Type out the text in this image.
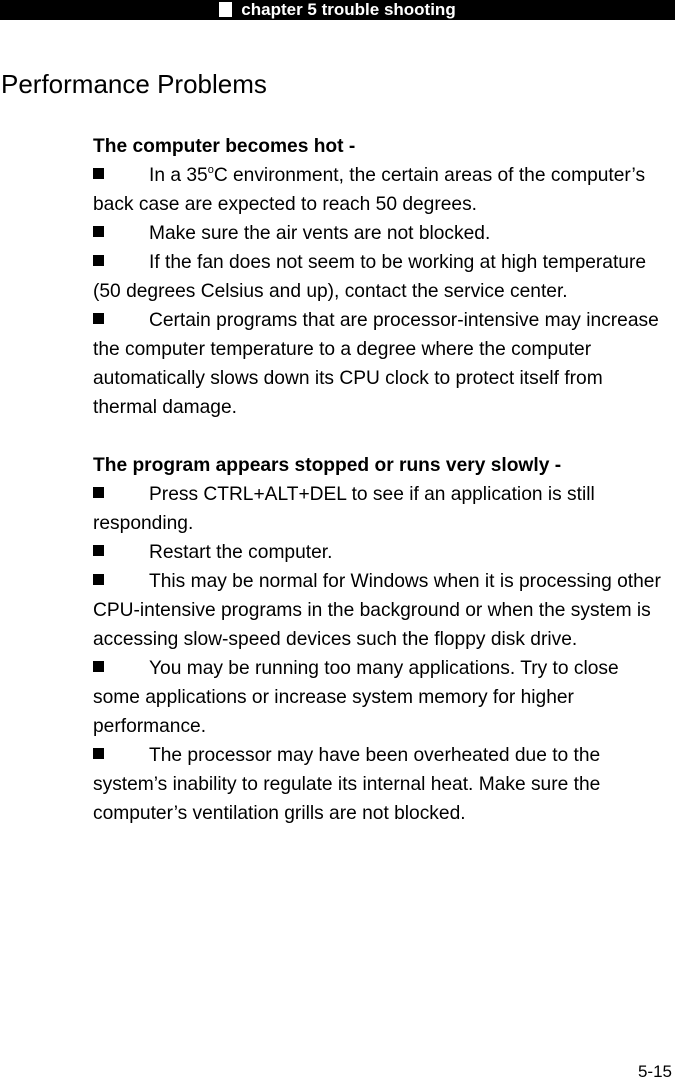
chapter 5 trouble shooting
Performance Problems

The computer becomes hot -

In a 35$^o$C environment, the certain areas of the computer’s back case are expected to reach 50 degrees.

Make sure the air vents are not blocked.

If the fan does not seem to be working at high temperature (50 degrees Celsius and up), contact the service center.

Certain programs that are processor-intensive may increase the computer temperature to a degree where the computer automatically slows down its CPU clock to protect itself from thermal damage.

The program appears stopped or runs very slowly -

Press CTRL+ALT+DEL to see if an application is still responding.

Restart the computer.

This may be normal for Windows when it is processing other CPU-intensive programs in the background or when the system is accessing slow-speed devices such the floppy disk drive.

You may be running too many applications. Try to close some applications or increase system memory for higher performance.

The processor may have been overheated due to the system’s inability to regulate its internal heat. Make sure the computer’s ventilation grills are not blocked.

5-15
